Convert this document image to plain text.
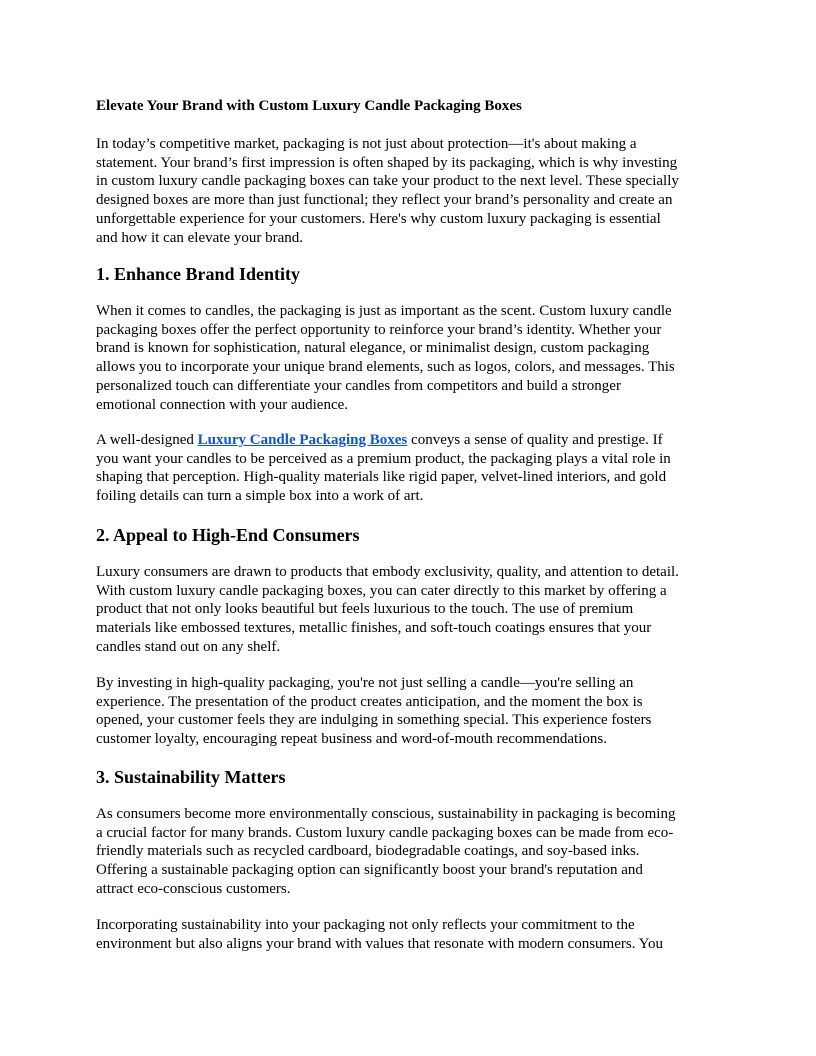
Elevate Your Brand with Custom Luxury Candle Packaging Boxes

In today’s competitive market, packaging is not just about protection—it's about making a
statement. Your brand’s first impression is often shaped by its packaging, which is why investing
in custom luxury candle packaging boxes can take your product to the next level. These specially
designed boxes are more than just functional; they reflect your brand’s personality and create an
unforgettable experience for your customers. Here's why custom luxury packaging is essential
and how it can elevate your brand.

1. Enhance Brand Identity

When it comes to candles, the packaging is just as important as the scent. Custom luxury candle
packaging boxes offer the perfect opportunity to reinforce your brand’s identity. Whether your
brand is known for sophistication, natural elegance, or minimalist design, custom packaging
allows you to incorporate your unique brand elements, such as logos, colors, and messages. This
personalized touch can differentiate your candles from competitors and build a stronger
emotional connection with your audience.

A well-designed Luxury Candle Packaging Boxes conveys a sense of quality and prestige. If
you want your candles to be perceived as a premium product, the packaging plays a vital role in
shaping that perception. High-quality materials like rigid paper, velvet-lined interiors, and gold
foiling details can turn a simple box into a work of art.

2. Appeal to High-End Consumers

Luxury consumers are drawn to products that embody exclusivity, quality, and attention to detail.
With custom luxury candle packaging boxes, you can cater directly to this market by offering a
product that not only looks beautiful but feels luxurious to the touch. The use of premium
materials like embossed textures, metallic finishes, and soft-touch coatings ensures that your
candles stand out on any shelf.

By investing in high-quality packaging, you're not just selling a candle—you're selling an
experience. The presentation of the product creates anticipation, and the moment the box is
opened, your customer feels they are indulging in something special. This experience fosters
customer loyalty, encouraging repeat business and word-of-mouth recommendations.

3. Sustainability Matters

As consumers become more environmentally conscious, sustainability in packaging is becoming
a crucial factor for many brands. Custom luxury candle packaging boxes can be made from eco-
friendly materials such as recycled cardboard, biodegradable coatings, and soy-based inks.
Offering a sustainable packaging option can significantly boost your brand's reputation and
attract eco-conscious customers.

Incorporating sustainability into your packaging not only reflects your commitment to the
environment but also aligns your brand with values that resonate with modern consumers. You
